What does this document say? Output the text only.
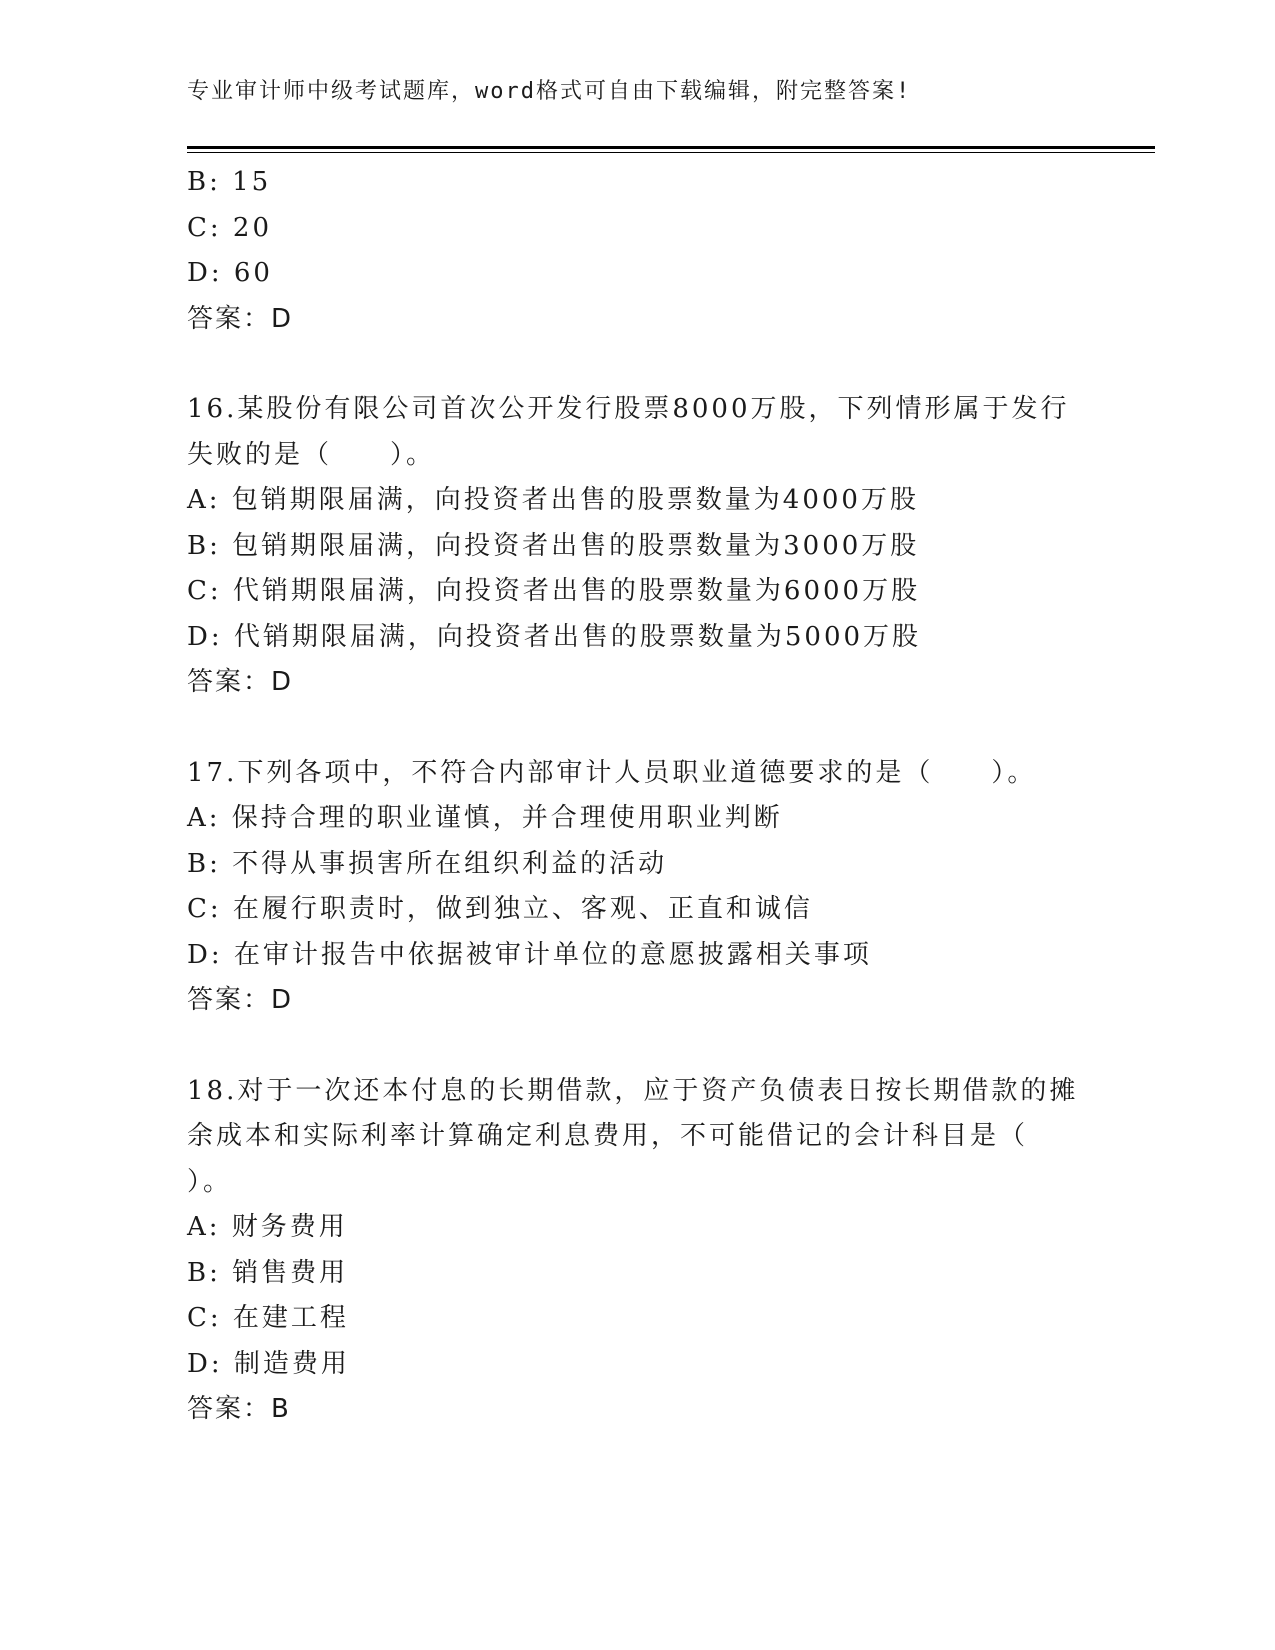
专业审计师中级考试题库，word格式可自由下载编辑，附完整答案!
B: 15
C: 20
D: 60
答案：D
16.某股份有限公司首次公开发行股票8000万股，下列情形属于发行
失败的是（　　）。
A: 包销期限届满，向投资者出售的股票数量为4000万股
B: 包销期限届满，向投资者出售的股票数量为3000万股
C: 代销期限届满，向投资者出售的股票数量为6000万股
D: 代销期限届满，向投资者出售的股票数量为5000万股
答案：D
17.下列各项中，不符合内部审计人员职业道德要求的是（　　）。
A: 保持合理的职业谨慎，并合理使用职业判断
B: 不得从事损害所在组织利益的活动
C: 在履行职责时，做到独立、客观、正直和诚信
D: 在审计报告中依据被审计单位的意愿披露相关事项
答案：D
18.对于一次还本付息的长期借款，应于资产负债表日按长期借款的摊
余成本和实际利率计算确定利息费用，不可能借记的会计科目是（
）。
A: 财务费用
B: 销售费用
C: 在建工程
D: 制造费用
答案：B
